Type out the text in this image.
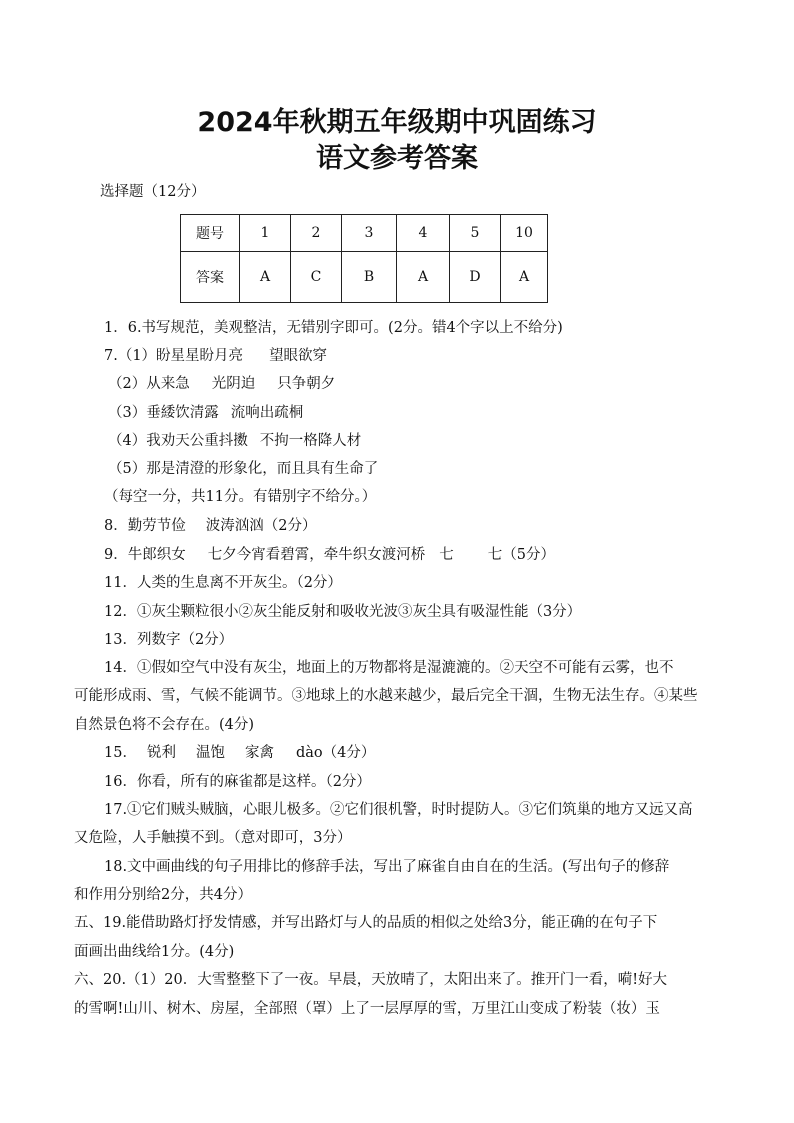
2024年秋期五年级期中巩固练习
语文参考答案
选择题（12分）
题号	1	2	3	4	5	10
答案	A	C	B	A	D	A
1．6.书写规范，美观整洁，无错别字即可。(2分。错4个字以上不给分)
7.（1）盼星星盼月亮 望眼欲穿
（2）从来急 光阴迫 只争朝夕
（3）垂緌饮清露 流响出疏桐
（4）我劝天公重抖擞 不拘一格降人材
（5）那是清澄的形象化，而且具有生命了
（每空一分，共11分。有错别字不给分。）
8．勤劳节俭 波涛汹汹（2分）
9．牛郎织女 七夕今宵看碧霄，牵牛织女渡河桥 七 七（5分）
11．人类的生息离不开灰尘。（2分）
12．①灰尘颗粒很小②灰尘能反射和吸收光波③灰尘具有吸湿性能（3分）
13．列数字（2分）
14．①假如空气中没有灰尘，地面上的万物都将是湿漉漉的。②天空不可能有云雾，也不
可能形成雨、雪，气候不能调节。③地球上的水越来越少，最后完全干涸，生物无法生存。④某些
自然景色将不会存在。(4分)
15． 锐利 温饱 家禽 dào（4分）
16．你看，所有的麻雀都是这样。（2分）
17.①它们贼头贼脑，心眼儿极多。②它们很机警，时时提防人。③它们筑巢的地方又远又高
又危险，人手触摸不到。（意对即可，3分）
18.文中画曲线的句子用排比的修辞手法，写出了麻雀自由自在的生活。(写出句子的修辞
和作用分别给2分，共4分）
五、19.能借助路灯抒发情感，并写出路灯与人的品质的相似之处给3分，能正确的在句子下
面画出曲线给1分。(4分)
六、20.（1）20．大雪整整下了一夜。早晨，天放晴了，太阳出来了。推开门一看，嗬!好大
的雪啊!山川、树木、房屋，全部照（罩）上了一层厚厚的雪，万里江山变成了粉装（妆）玉
